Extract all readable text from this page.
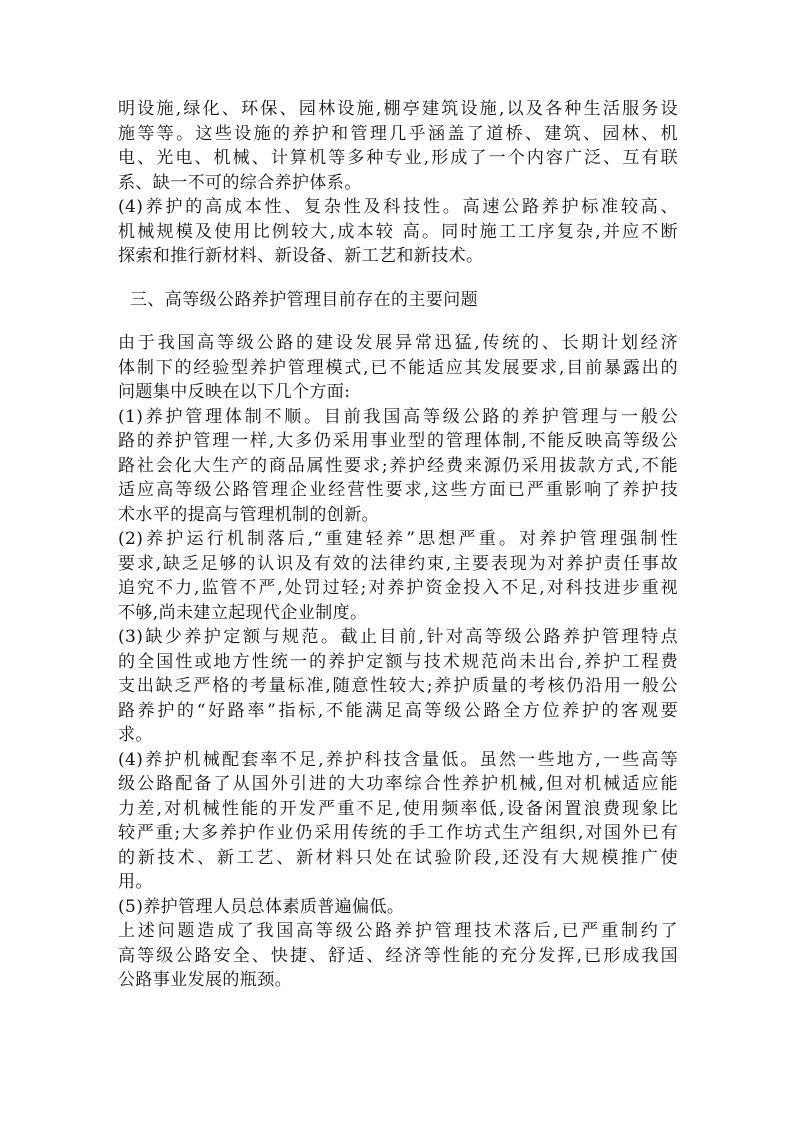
明设施,绿化、环保、园林设施,棚亭建筑设施,以及各种生活服务设
施等等。这些设施的养护和管理几乎涵盖了道桥、建筑、园林、机
电、光电、机械、计算机等多种专业,形成了一个内容广泛、互有联
系、缺一不可的综合养护体系。
(4)养护的高成本性、复杂性及科技性。高速公路养护标准较高、
机械规模及使用比例较大,成本较 高。同时施工工序复杂,并应不断
探索和推行新材料、新设备、新工艺和新技术。
三、高等级公路养护管理目前存在的主要问题
由于我国高等级公路的建设发展异常迅猛,传统的、长期计划经济
体制下的经验型养护管理模式,已不能适应其发展要求,目前暴露出的
问题集中反映在以下几个方面:
(1)养护管理体制不顺。目前我国高等级公路的养护管理与一般公
路的养护管理一样,大多仍采用事业型的管理体制,不能反映高等级公
路社会化大生产的商品属性要求;养护经费来源仍采用拔款方式,不能
适应高等级公路管理企业经营性要求,这些方面已严重影响了养护技
术水平的提高与管理机制的创新。
(2)养护运行机制落后,“重建轻养”思想严重。对养护管理强制性
要求,缺乏足够的认识及有效的法律约束,主要表现为对养护责任事故
追究不力,监管不严,处罚过轻;对养护资金投入不足,对科技进步重视
不够,尚未建立起现代企业制度。
(3)缺少养护定额与规范。截止目前,针对高等级公路养护管理特点
的全国性或地方性统一的养护定额与技术规范尚未出台,养护工程费
支出缺乏严格的考量标准,随意性较大;养护质量的考核仍沿用一般公
路养护的“好路率”指标,不能满足高等级公路全方位养护的客观要
求。
(4)养护机械配套率不足,养护科技含量低。虽然一些地方,一些高等
级公路配备了从国外引进的大功率综合性养护机械,但对机械适应能
力差,对机械性能的开发严重不足,使用频率低,设备闲置浪费现象比
较严重;大多养护作业仍采用传统的手工作坊式生产组织,对国外已有
的新技术、新工艺、新材料只处在试验阶段,还没有大规模推广使
用。
(5)养护管理人员总体素质普遍偏低。
上述问题造成了我国高等级公路养护管理技术落后,已严重制约了
高等级公路安全、快捷、舒适、经济等性能的充分发挥,已形成我国
公路事业发展的瓶颈。
